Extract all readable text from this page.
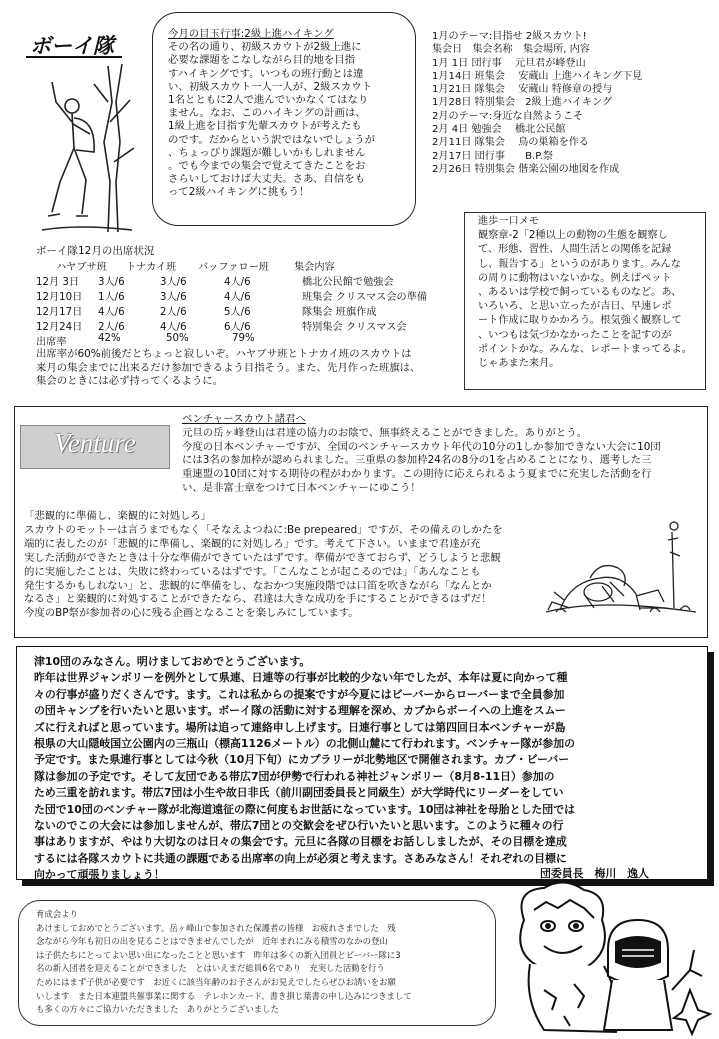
ボーイ隊	今月の目玉行事:2級上進ハイキング
その名の通り、初級スカウトが2級上進に
必要な課題をこなしながら目的地を目指
すハイキングです。いつもの班行動とは違
い、初級スカウト一人一人が、2級スカウト
1名とともに2人で進んでいかなくてはなり
ません。なお、このハイキングの計画は、
1級上進を目指す先輩スカウトが考えたも
のです。だからという訳ではないでしょうが
、ちょっぴり課題が難しいかもしれません
。でも今までの集会で覚えてきたことをお
さらいしておけば大丈夫。さあ、自信をも
って2級ハイキングに挑もう！
1月のテーマ:目指せ 2級スカウト!
集会日　集会名称　集会場所, 内容
1月 1日 団行事　 元旦君が峰登山
1月14日 班集会　 安蔵山 上進ハイキング下見
1月21日 隊集会　 安蔵山 特修章の授与
1月28日 特別集会　2級上進ハイキング
2月のテーマ:身近な自然ようこそ
2月 4日 勉強会　 橋北公民館
2月11日 隊集会　 鳥の巣箱を作る
2月17日 団行事　　B.P.祭
2月26日 特別集会 偕楽公園の地図を作成
進歩一口メモ
観察章-2「2種以上の動物の生態を観察し
て、形態、習性、人間生活との関係を記録
し、報告する」というのがあります。みんな
の周りに動物はいないかな。例えばペット
、あるいは学校で飼っているものなど。あ、
いろいろ、と思い立ったが吉日、早速レポ
ート作成に取りかかろう。根気強く観察して
、いつもは気づかなかったことを記すのが
ポイントかな。みんな、レポートまってるよ。
じゃあまた来月。
ボーイ隊12月の出席状況
ハヤブサ班 トナカイ班 バッファロー班 集会内容
12月 3日 3人/6	3人/6	4人/6	橋北公民館で勉強会
12月10日 1人/6	3人/6	4人/6	班集会 クリスマス会の準備
12月17日 4人/6	2人/6	5人/6	隊集会 班旗作成
12月24日 2人/6	4人/6	6人/6	特別集会 クリスマス会
出席率	42%	50%	79%
出席率が60%前後だとちょっと寂しいぞ。ハヤブサ班とトナカイ班のスカウトは
来月の集会までに出来るだけ参加できるよう目指そう。また、先月作った班旗は、
集会のときには必ず持ってくるように。
Venture
ベンチャースカウト諸君へ
元旦の岳ヶ峰登山は君達の協力のお陰で、無事終えることができました。ありがとう。
今度の日本ベンチャーですが、全国のベンチャースカウト年代の10分の1しか参加できない大会に10団
には3名の参加枠が認められました。三重県の参加枠24名の8分の1を占めることになり、選考した三
重連盟の10団に対する期待の程がわかります。この期待に応えられるよう夏までに充実した活動を行
い、是非富士章をつけて日本ベンチャーにゆこう！
「悲観的に準備し、楽観的に対処しろ」
スカウトのモットーは言うまでもなく「そなえよつねに:Be prepeared」ですが、その備えのしかたを
端的に表したのが「悲観的に準備し、楽観的に対処しろ」です。考えて下さい。いままで君達が充
実した活動ができたときは十分な準備ができていたはずです。準備ができておらず、どうしようと悲観
的に実施したことは、失敗に終わっているはずです。「こんなことが起こるのでは」「あんなことも
発生するかもしれない」と、悲観的に準備をし、なおかつ実施段階では口笛を吹きながら「なんとか
なるさ」と楽観的に対処することができたなら、君達は大きな成功を手にすることができるはずだ！
今度のBP祭が参加者の心に残る企画となることを楽しみにしています。
津10団のみなさん。明けましておめでとうございます。
昨年は世界ジャンボリーを例外として県連、日連等の行事が比較的少ない年でしたが、本年は夏に向かって種
々の行事が盛りだくさんです。ます。これは私からの提案ですが今夏にはビーバーからローバーまで全員参加
の団キャンプを行いたいと思います。ボーイ隊の活動に対する理解を深め、カブからボーイへの上進をスムー
ズに行えればと思っています。場所は追って連絡申し上げます。日連行事としては第四回日本ベンチャーが島
根県の大山隠岐国立公園内の三瓶山（標高1126メートル）の北側山麓にて行われます。ベンチャー隊が参加の
予定です。また県連行事としては今秋（10月下旬）にカプラリーが北勢地区で開催されます。カブ・ビーバー
隊は参加の予定です。そして友団である帯広7団が伊勢で行われる神社ジャンボリー（8月8-11日）参加の
ため三重を訪れます。帯広7団は小生や故日非氏（前川副団委員長と同級生）が大学時代にリーダーをしてい
た団で10団のベンチャー隊が北海道遠征の際に何度もお世話になっています。10団は神社を母胎とした団では
ないのでこの大会には参加しませんが、帯広7団との交歓会をぜひ行いたいと思います。このように種々の行
事はありますが、やはり大切なのは日々の集会です。元旦に各隊の目標をお話ししましたが、その目標を達成
するには各隊スカウトに共通の課題である出席率の向上が必須と考えます。さあみなさん！それぞれの目標に
向かって頑張りましょう！	団委員長　梅川　逸人
育成会より
あけましておめでとうございます。岳ヶ峰山で参加された保護者の皆様　お疲れさまでした　残
念ながら今年も初日の出を見ることはできませんでしたが　近年まれにみる積雪のなかの登山
は子供たちにとってよい思い出になったことと思います　昨年は多くの新入団員とビーバー隊に3
名の新入団者を迎えることができました　とはいえまだ総員6名であり　充実した活動を行う
ためにはまず子供が必要です　お近くに該当年齢のお子さんがお見えでしたらぜひお誘いをお願
いします　また日本連盟共催事業に関する　テレホンカード、書き損じ葉書の申し込みにつきまして
も多くの方々にご協力いただきました　ありがとうございました
